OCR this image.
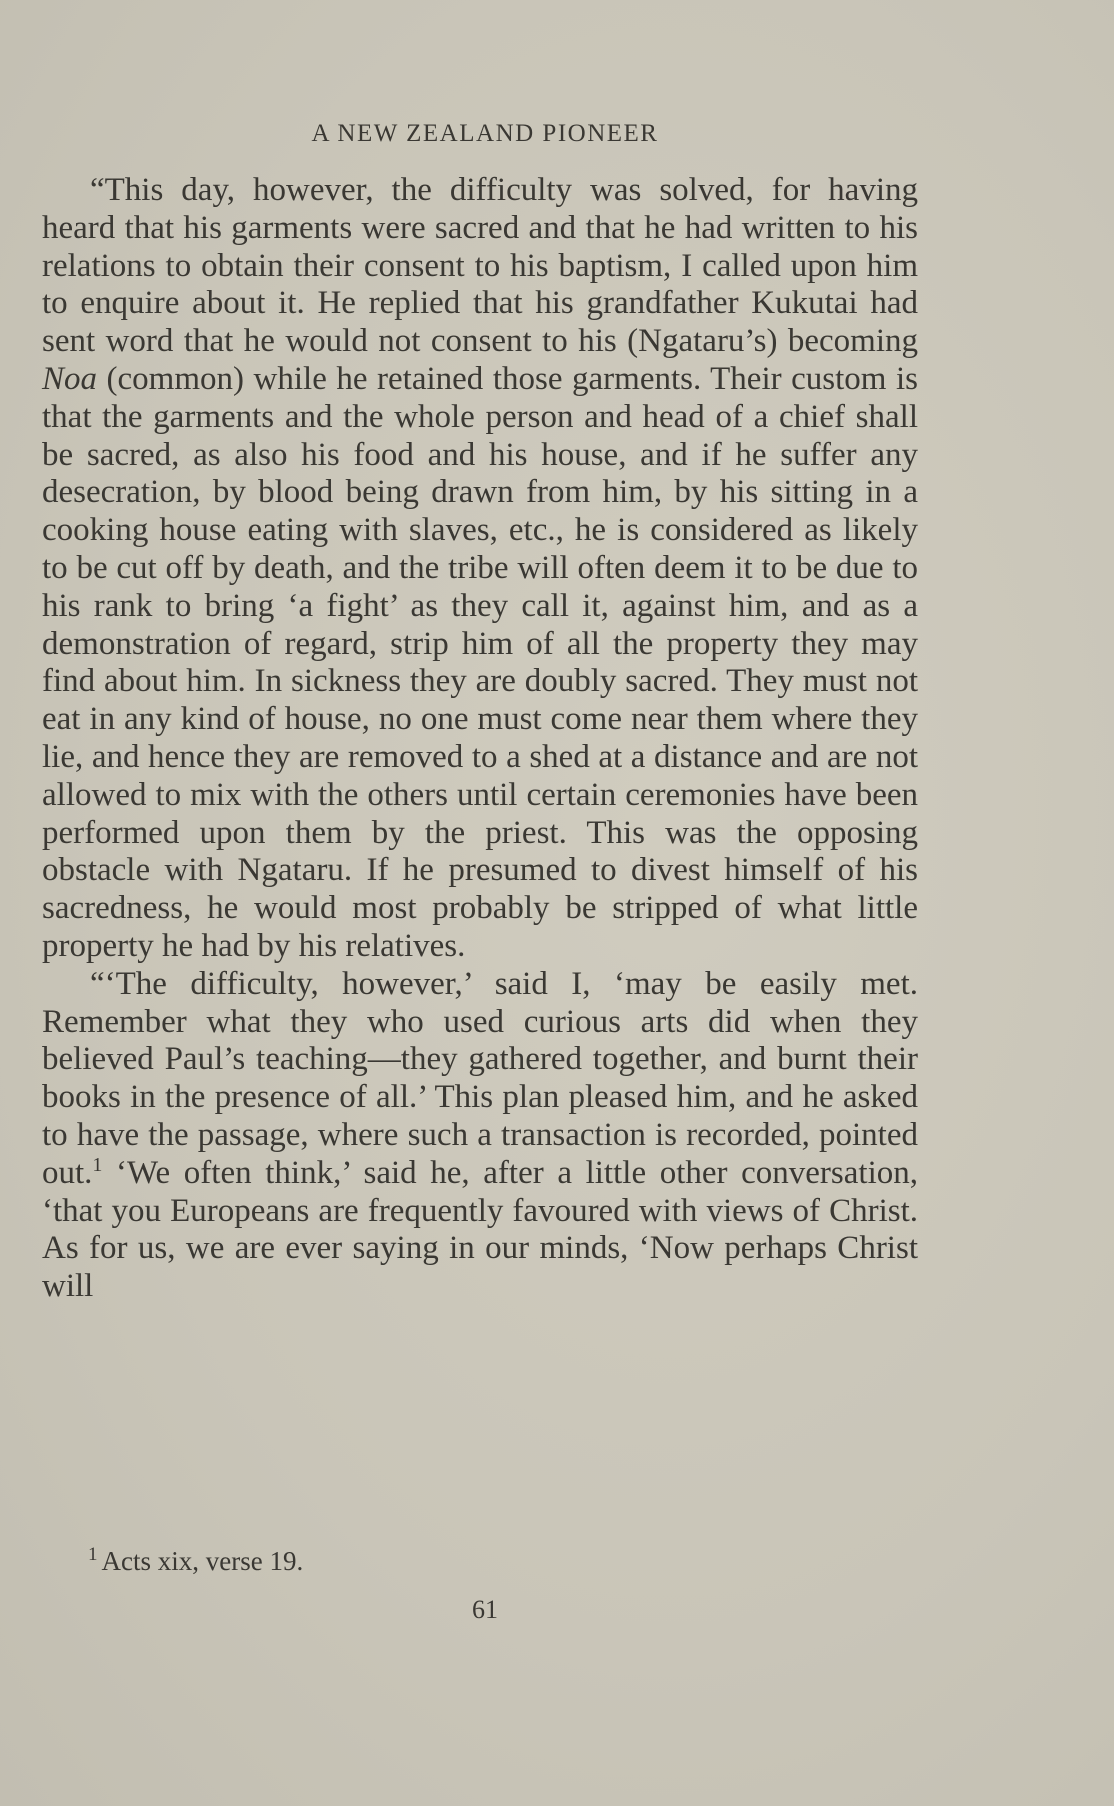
A NEW ZEALAND PIONEER

“This day, however, the difficulty was solved, for having heard that his garments were sacred and that he had written to his relations to obtain their consent to his baptism, I called upon him to enquire about it. He replied that his grandfather Kukutai had sent word that he would not consent to his (Ngataru’s) becoming Noa (common) while he retained those garments. Their custom is that the garments and the whole person and head of a chief shall be sacred, as also his food and his house, and if he suffer any desecration, by blood being drawn from him, by his sitting in a cooking house eating with slaves, etc., he is considered as likely to be cut off by death, and the tribe will often deem it to be due to his rank to bring ‘a fight’ as they call it, against him, and as a demonstration of regard, strip him of all the property they may find about him. In sickness they are doubly sacred. They must not eat in any kind of house, no one must come near them where they lie, and hence they are removed to a shed at a distance and are not allowed to mix with the others until certain ceremonies have been performed upon them by the priest. This was the opposing obstacle with Ngataru. If he presumed to divest himself of his sacredness, he would most probably be stripped of what little property he had by his relatives.

“‘The difficulty, however,’ said I, ‘may be easily met. Remember what they who used curious arts did when they believed Paul’s teaching—they gathered together, and burnt their books in the presence of all.’ This plan pleased him, and he asked to have the passage, where such a transaction is recorded, pointed out.$^1$ ‘We often think,’ said he, after a little other conversation, ‘that you Europeans are frequently favoured with views of Christ. As for us, we are ever saying in our minds, ‘Now perhaps Christ will

$^1$ Acts xix, verse 19.
61
